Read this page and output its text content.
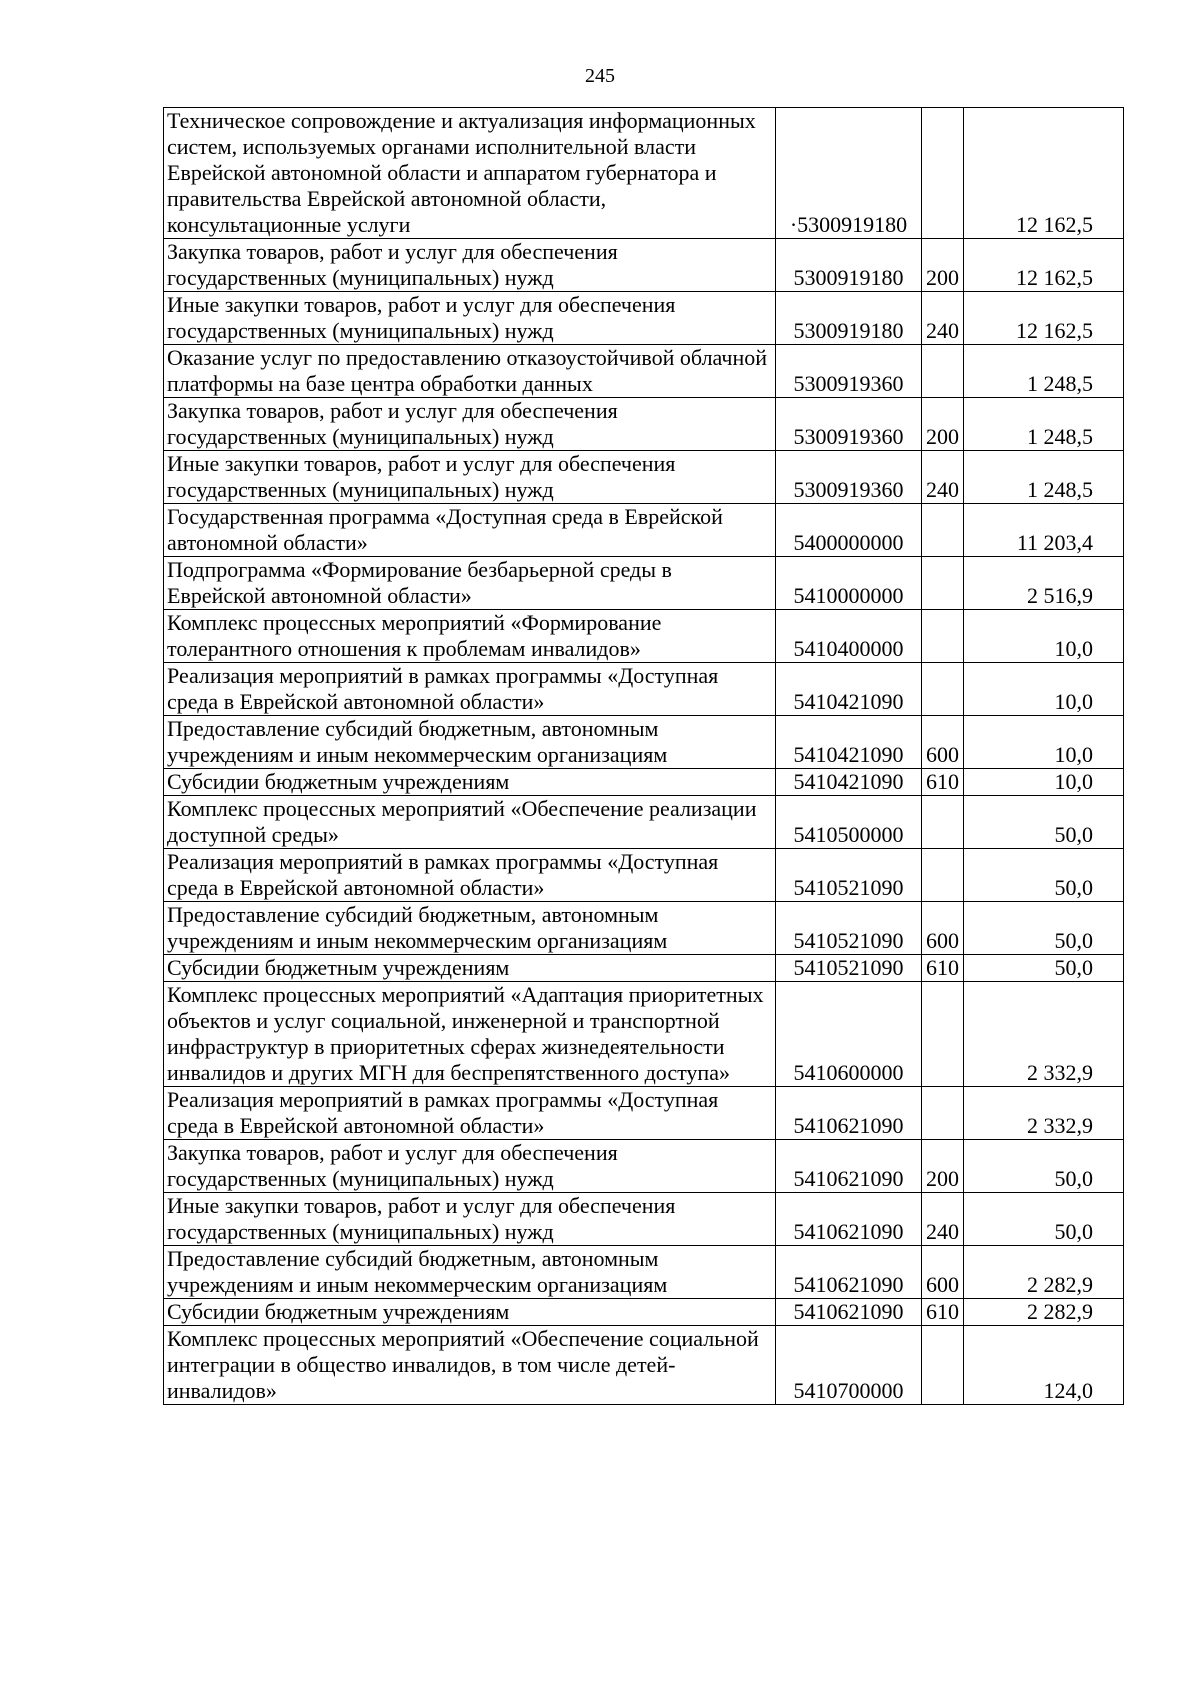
245
Техническое сопровождение и актуализация информационных систем, используемых органами исполнительной власти Еврейской автономной области и аппаратом губернатора и правительства Еврейской автономной области, консультационные услуги	·5300919180		12 162,5
Закупка товаров, работ и услуг для обеспечения государственных (муниципальных) нужд	5300919180	200	12 162,5
Иные закупки товаров, работ и услуг для обеспечения государственных (муниципальных) нужд	5300919180	240	12 162,5
Оказание услуг по предоставлению отказоустойчивой облачной платформы на базе центра обработки данных	5300919360		1 248,5
Закупка товаров, работ и услуг для обеспечения государственных (муниципальных) нужд	5300919360	200	1 248,5
Иные закупки товаров, работ и услуг для обеспечения государственных (муниципальных) нужд	5300919360	240	1 248,5
Государственная программа «Доступная среда в Еврейской автономной области»	5400000000		11 203,4
Подпрограмма «Формирование безбарьерной среды в Еврейской автономной области»	5410000000		2 516,9
Комплекс процессных мероприятий «Формирование толерантного отношения к проблемам инвалидов»	5410400000		10,0
Реализация мероприятий в рамках программы «Доступная среда в Еврейской автономной области»	5410421090		10,0
Предоставление субсидий бюджетным, автономным учреждениям и иным некоммерческим организациям	5410421090	600	10,0
Субсидии бюджетным учреждениям	5410421090	610	10,0
Комплекс процессных мероприятий «Обеспечение реализации доступной среды»	5410500000		50,0
Реализация мероприятий в рамках программы «Доступная среда в Еврейской автономной области»	5410521090		50,0
Предоставление субсидий бюджетным, автономным учреждениям и иным некоммерческим организациям	5410521090	600	50,0
Субсидии бюджетным учреждениям	5410521090	610	50,0
Комплекс процессных мероприятий «Адаптация приоритетных объектов и услуг социальной, инженерной и транспортной инфраструктур в приоритетных сферах жизнедеятельности инвалидов и других МГН для беспрепятственного доступа»	5410600000		2 332,9
Реализация мероприятий в рамках программы «Доступная среда в Еврейской автономной области»	5410621090		2 332,9
Закупка товаров, работ и услуг для обеспечения государственных (муниципальных) нужд	5410621090	200	50,0
Иные закупки товаров, работ и услуг для обеспечения государственных (муниципальных) нужд	5410621090	240	50,0
Предоставление субсидий бюджетным, автономным учреждениям и иным некоммерческим организациям	5410621090	600	2 282,9
Субсидии бюджетным учреждениям	5410621090	610	2 282,9
Комплекс процессных мероприятий «Обеспечение социальной интеграции в общество инвалидов, в том числе детей-инвалидов»	5410700000		124,0
